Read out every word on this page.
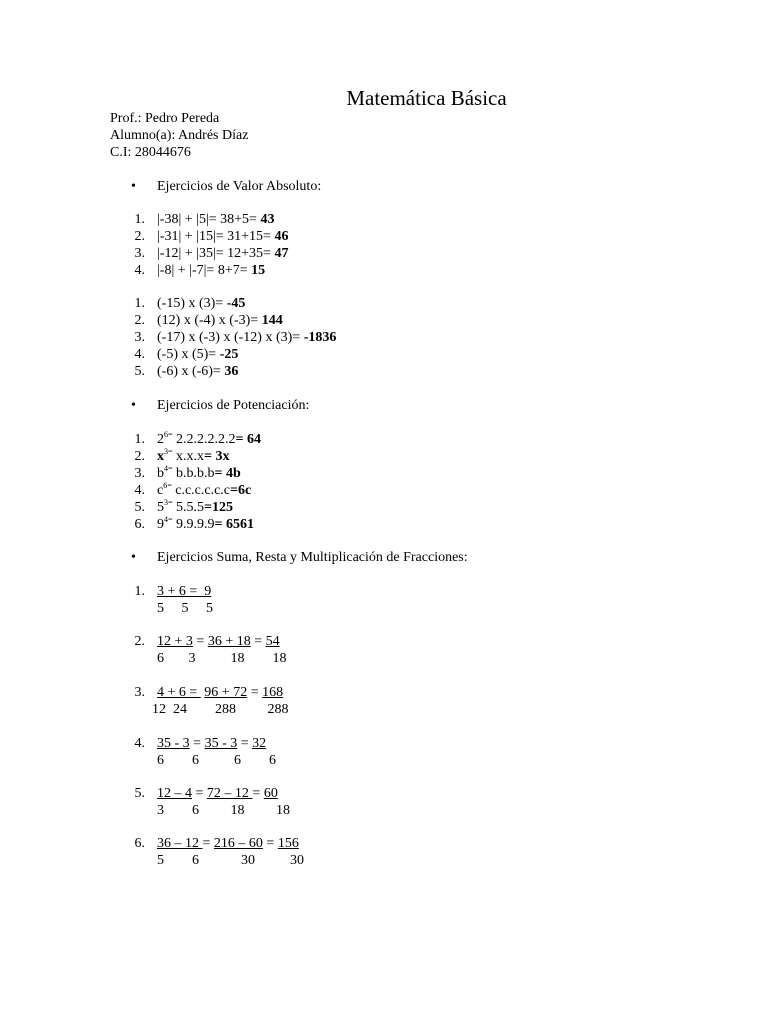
Matemática Básica
Prof.: Pedro Pereda
Alumno(a): Andrés Díaz
C.I: 28044676
• Ejercicios de Valor Absoluto:
1. |-38| + |5|= 38+5= 43
2. |-31| + |15|= 31+15= 46
3. |-12| + |35|= 12+35= 47
4. |-8| + |-7|= 8+7= 15
1. (-15) x (3)= -45
2. (12) x (-4) x (-3)= 144
3. (-17) x (-3) x (-12) x (3)= -1836
4. (-5) x (5)= -25
5. (-6) x (-6)= 36
• Ejercicios de Potenciación:
1. $2^{6=}$ 2.2.2.2.2.2= 64
2. $x^{3=}$ x.x.x= 3x
3. $b^{4=}$ b.b.b.b= 4b
4. $c^{6=}$ c.c.c.c.c.c=6c
5. $5^{3=}$ 5.5.5=125
6. $9^{4=}$ 9.9.9.9= 6561
• Ejercicios Suma, Resta y Multiplicación de Fracciones:
1. 3 + 6 =  9
5     5     5
2. 12 + 3 = 36 + 18 = 54
6       3          18        18
3. 4 + 6 =  96 + 72 = 168
12  24        288         288
4. 35 - 3 = 35 - 3 = 32
6        6          6        6
5. 12 – 4 = 72 – 12 = 60
3        6         18         18
6. 36 – 12 = 216 – 60 = 156
5        6            30          30
